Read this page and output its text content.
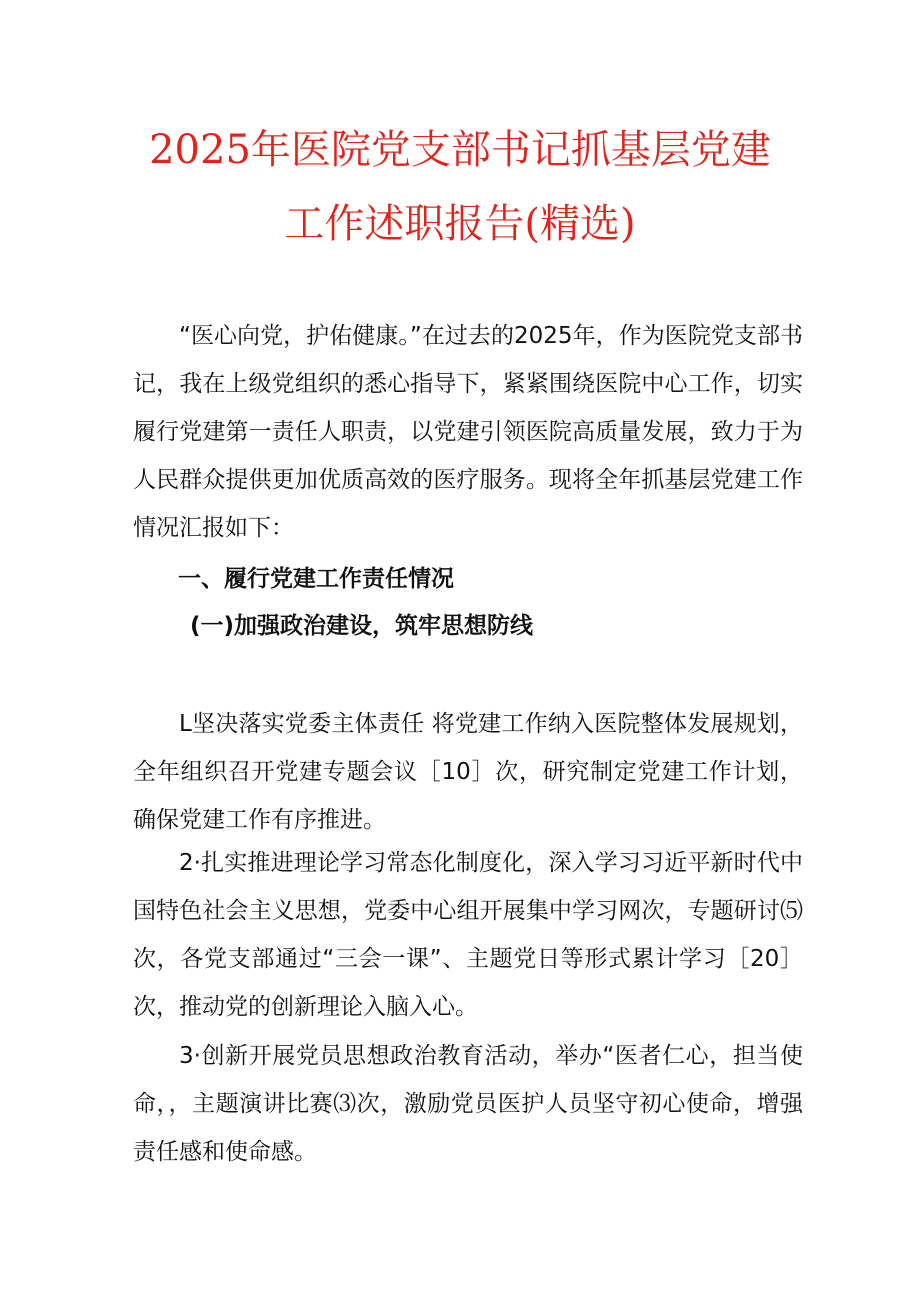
2025年医院党支部书记抓基层党建
工作述职报告(精选)

“医心向党，护佑健康。”在过去的2025年，作为医院党支部书记，我在上级党组织的悉心指导下，紧紧围绕医院中心工作，切实履行党建第一责任人职责，以党建引领医院高质量发展，致力于为人民群众提供更加优质高效的医疗服务。现将全年抓基层党建工作情况汇报如下：

一、履行党建工作责任情况

(一)加强政治建设，筑牢思想防线

L坚决落实党委主体责任 将党建工作纳入医院整体发展规划，全年组织召开党建专题会议［10］次，研究制定党建工作计划，确保党建工作有序推进。

2·扎实推进理论学习常态化制度化，深入学习习近平新时代中国特色社会主义思想，党委中心组开展集中学习网次，专题研讨⑸次，各党支部通过“三会一课”、主题党日等形式累计学习［20］次，推动党的创新理论入脑入心。

3·创新开展党员思想政治教育活动，举办“医者仁心，担当使命，，主题演讲比赛⑶次，激励党员医护人员坚守初心使命，增强责任感和使命感。
